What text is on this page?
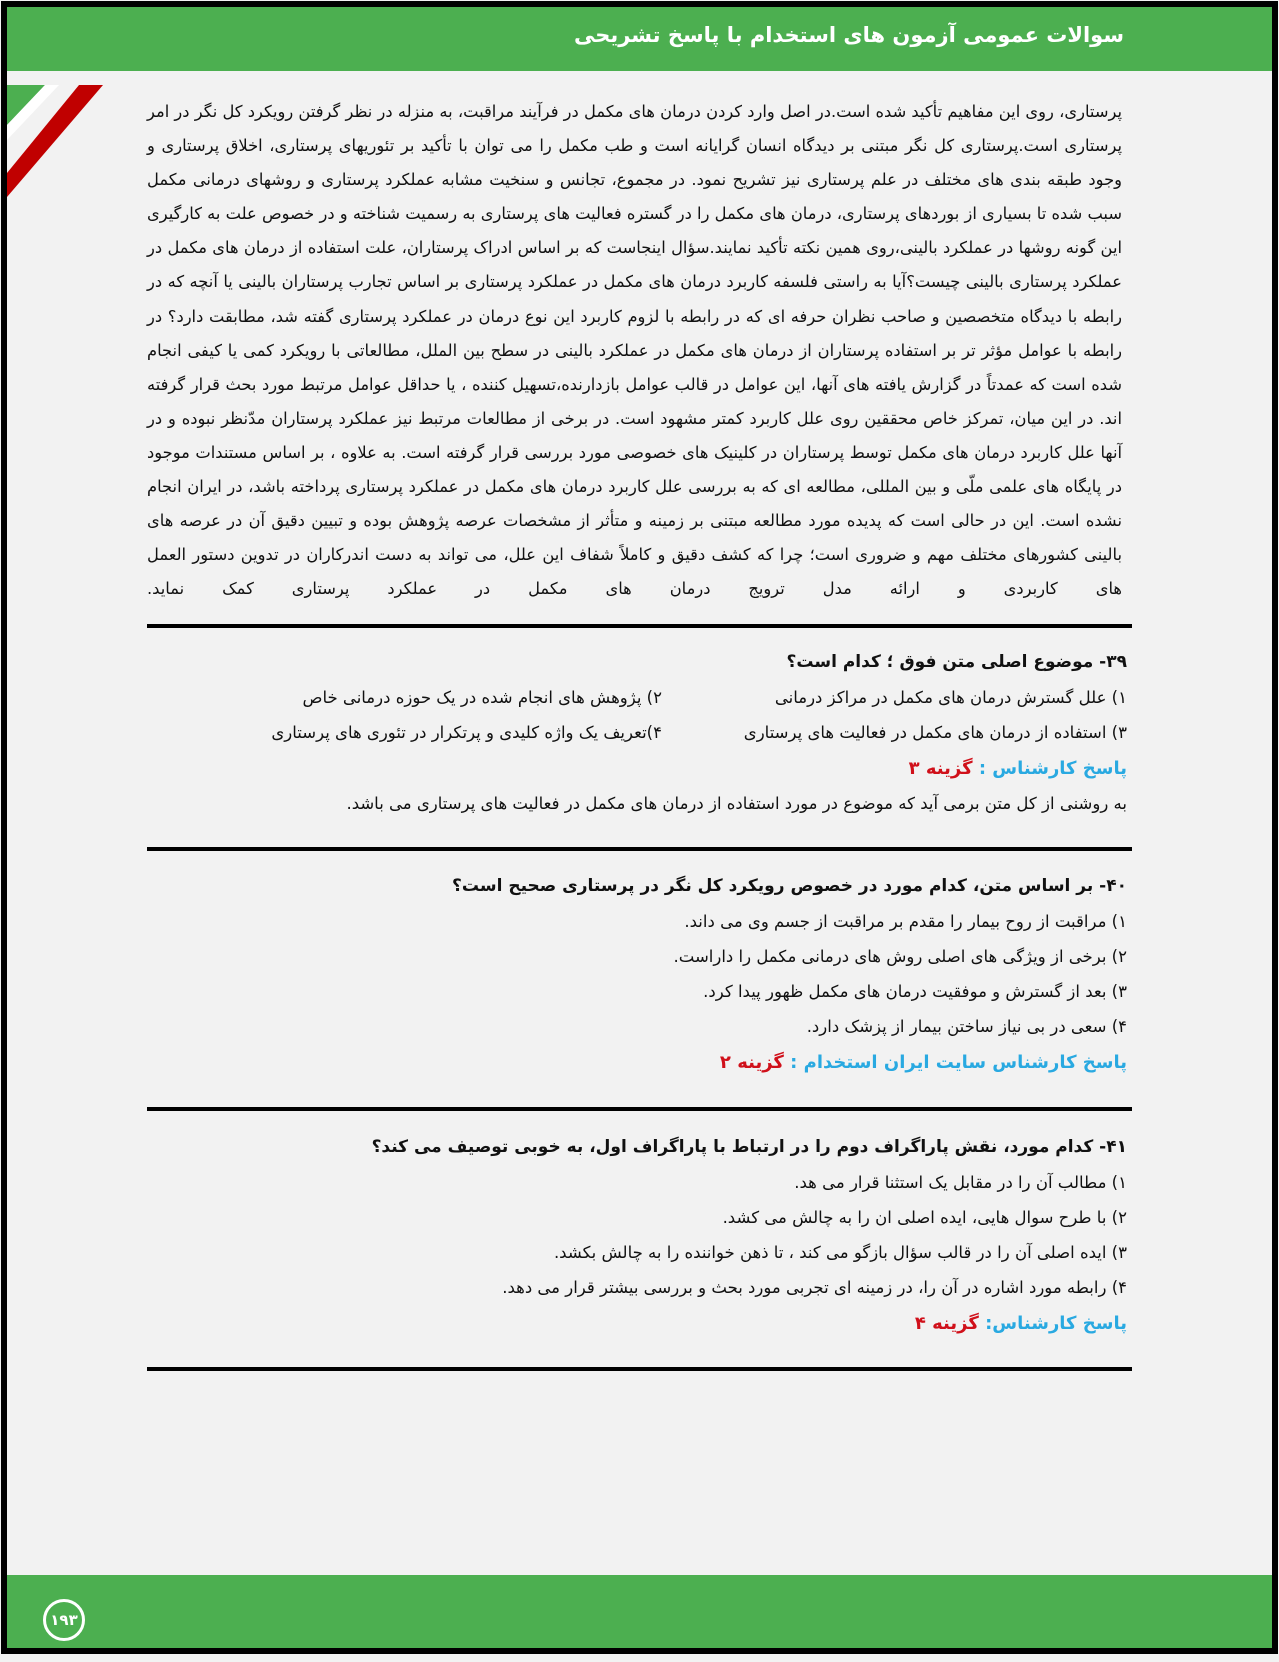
سوالات عمومی آزمون های استخدام با پاسخ تشریحی
پرستاری، روی این مفاهیم تأکید شده است.در اصل وارد کردن درمان های مکمل در فرآیند مراقبت، به منزله در نظر گرفتن رویکرد کل نگر در امر پرستاری است.پرستاری کل نگر مبتنی بر دیدگاه انسان گرایانه است و طب مکمل را می توان با تأکید بر تئوریهای پرستاری، اخلاق پرستاری و وجود طبقه بندی های مختلف در علم پرستاری نیز تشریح نمود. در مجموع، تجانس و سنخیت مشابه عملکرد پرستاری و روشهای درمانی مکمل سبب شده تا بسیاری از بوردهای پرستاری، درمان های مکمل را در گستره فعالیت های پرستاری به رسمیت شناخته و در خصوص علت به کارگیری این گونه روشها در عملکرد بالینی،روی همین نکته تأکید نمایند.سؤال اینجاست که بر اساس ادراک پرستاران، علت استفاده از درمان های مکمل در عملکرد پرستاری بالینی چیست؟آیا به راستی فلسفه کاربرد درمان های مکمل در عملکرد پرستاری بر اساس تجارب پرستاران بالینی یا آنچه که در رابطه با دیدگاه متخصصین و صاحب نظران حرفه ای که در رابطه با لزوم کاربرد این نوع درمان در عملکرد پرستاری گفته شد، مطابقت دارد؟ در رابطه با عوامل مؤثر تر بر استفاده پرستاران از درمان های مکمل در عملکرد بالینی در سطح بین الملل، مطالعاتی با رویکرد کمی یا کیفی انجام شده است که عمدتاً در گزارش یافته های آنها، این عوامل در قالب عوامل بازدارنده،تسهیل کننده ، یا حداقل عوامل مرتبط مورد بحث قرار گرفته اند. در این میان، تمرکز خاص محققین روی علل کاربرد کمتر مشهود است. در برخی از مطالعات مرتبط نیز عملکرد پرستاران مدّنظر نبوده و در آنها علل کاربرد درمان های مکمل توسط پرستاران در کلینیک های خصوصی مورد بررسی قرار گرفته است. به علاوه ، بر اساس مستندات موجود در پایگاه های علمی ملّی و بین المللی، مطالعه ای که به بررسی علل کاربرد درمان های مکمل در عملکرد پرستاری پرداخته باشد، در ایران انجام نشده است. این در حالی است که پدیده مورد مطالعه مبتنی بر زمینه و متأثر از مشخصات عرصه پژوهش بوده و تبیین دقیق آن در عرصه های بالینی کشورهای مختلف مهم و ضروری است؛ چرا که کشف دقیق و کاملاً شفاف این علل، می تواند به دست اندرکاران در تدوین دستور العمل های کاربردی و ارائه مدل ترویج درمان های مکمل در عملکرد پرستاری کمک نماید.
۳۹- موضوع اصلی متن فوق ؛ کدام است؟
۱) علل گسترش درمان های مکمل در مراکز درمانی
۲) پژوهش های انجام شده در یک حوزه درمانی خاص
۳) استفاده از درمان های مکمل در فعالیت های پرستاری
۴)تعریف یک واژه کلیدی و پرتکرار در تئوری های پرستاری
پاسخ کارشناس : گزینه ۳
به روشنی از کل متن برمی آید که موضوع در مورد استفاده از درمان های مکمل در فعالیت های پرستاری می باشد.
۴۰- بر اساس متن، کدام مورد در خصوص رویکرد کل نگر در پرستاری صحیح است؟
۱) مراقبت از روح بیمار را مقدم بر مراقبت از جسم وی می داند.
۲) برخی از ویژگی های اصلی روش های درمانی مکمل را داراست.
۳) بعد از گسترش و موفقیت درمان های مکمل ظهور پیدا کرد.
۴) سعی در بی نیاز ساختن بیمار از پزشک دارد.
پاسخ کارشناس سایت ایران استخدام : گزینه ۲
۴۱- کدام مورد، نقش پاراگراف دوم را در ارتباط با پاراگراف اول، به خوبی توصیف می کند؟
۱) مطالب آن را در مقابل یک استثنا قرار می هد.
۲) با طرح سوال هایی، ایده اصلی ان را به چالش می کشد.
۳) ایده اصلی آن را در قالب سؤال بازگو می کند ، تا ذهن خواننده را به چالش بکشد.
۴) رابطه مورد اشاره در آن را، در زمینه ای تجربی مورد بحث و بررسی بیشتر قرار می دهد.
پاسخ کارشناس: گزینه ۴
۱۹۳
